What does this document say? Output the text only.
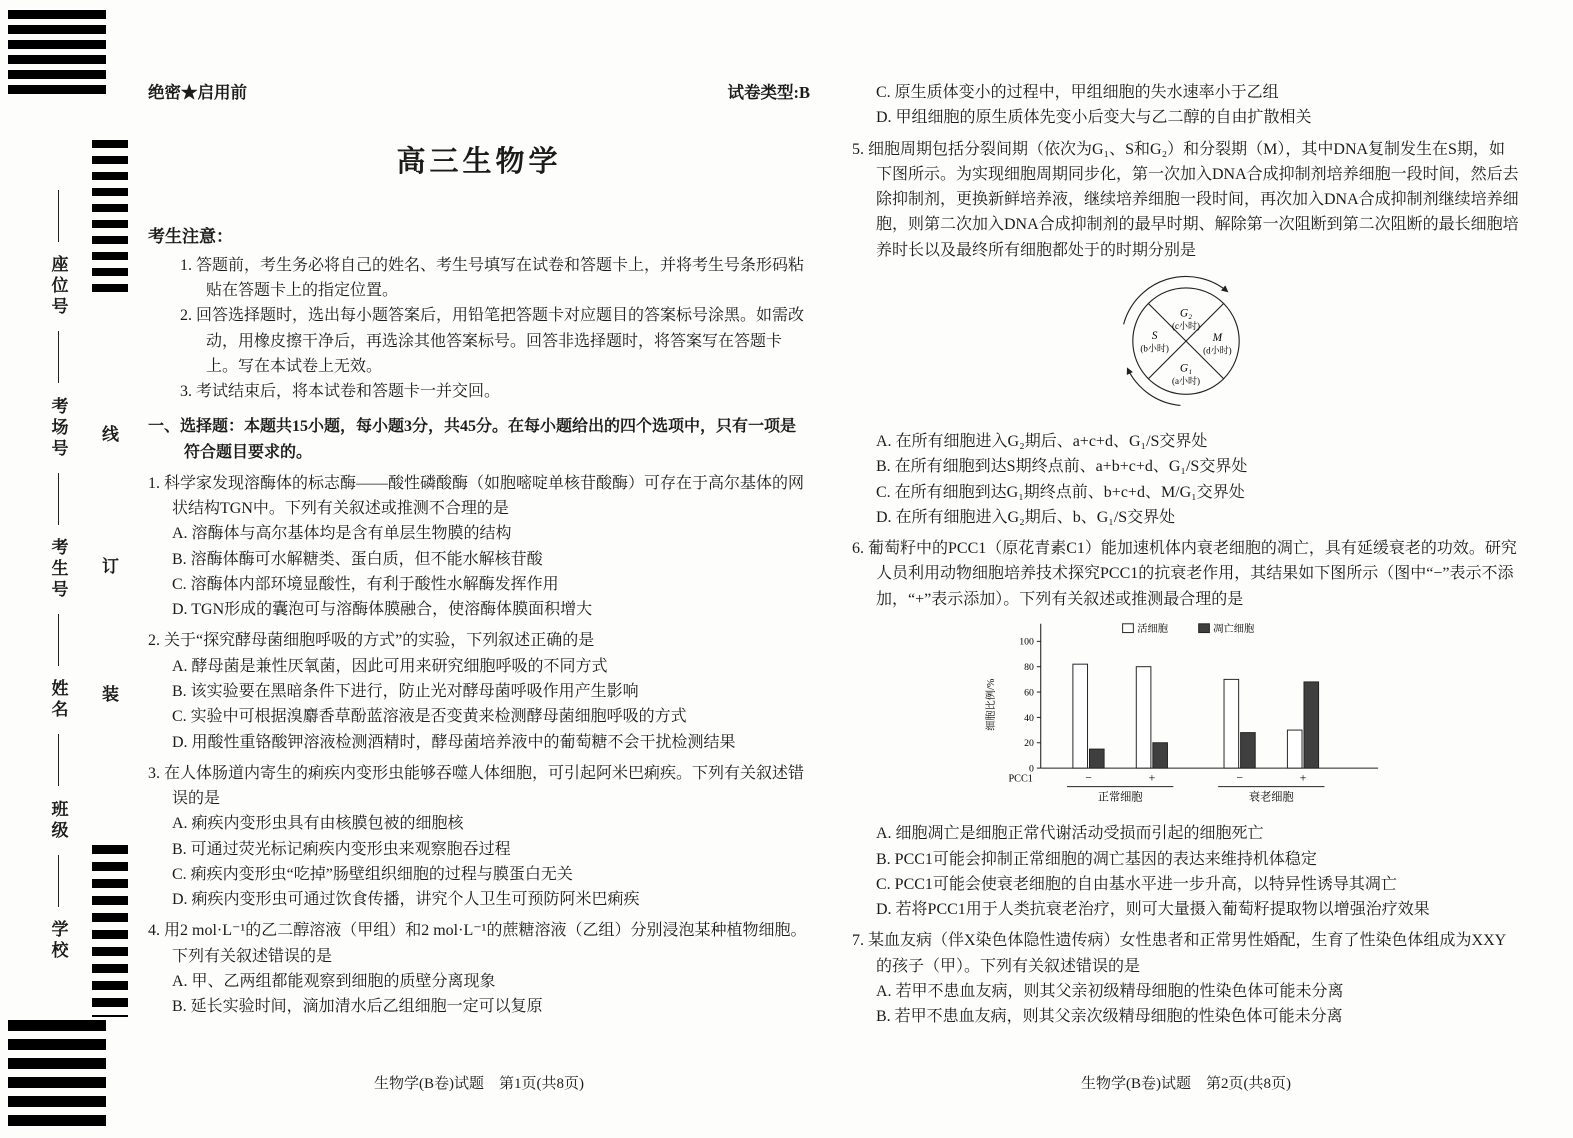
座位号
考场号
考生号
姓名
班级
学校
线
订
装
绝密★启用前	试卷类型:B
高三生物学
考生注意：
1. 答题前，考生务必将自己的姓名、考生号填写在试卷和答题卡上，并将考生号条形码粘贴在答题卡上的指定位置。
2. 回答选择题时，选出每小题答案后，用铅笔把答题卡对应题目的答案标号涂黑。如需改动，用橡皮擦干净后，再选涂其他答案标号。回答非选择题时，将答案写在答题卡上。写在本试卷上无效。
3. 考试结束后，将本试卷和答题卡一并交回。
一、选择题：本题共15小题，每小题3分，共45分。在每小题给出的四个选项中，只有一项是符合题目要求的。
1. 科学家发现溶酶体的标志酶——酸性磷酸酶（如胞嘧啶单核苷酸酶）可存在于高尔基体的网状结构TGN中。下列有关叙述或推测不合理的是
A. 溶酶体与高尔基体均是含有单层生物膜的结构
B. 溶酶体酶可水解糖类、蛋白质，但不能水解核苷酸
C. 溶酶体内部环境显酸性，有利于酸性水解酶发挥作用
D. TGN形成的囊泡可与溶酶体膜融合，使溶酶体膜面积增大
2. 关于“探究酵母菌细胞呼吸的方式”的实验，下列叙述正确的是
A. 酵母菌是兼性厌氧菌，因此可用来研究细胞呼吸的不同方式
B. 该实验要在黑暗条件下进行，防止光对酵母菌呼吸作用产生影响
C. 实验中可根据溴麝香草酚蓝溶液是否变黄来检测酵母菌细胞呼吸的方式
D. 用酸性重铬酸钾溶液检测酒精时，酵母菌培养液中的葡萄糖不会干扰检测结果
3. 在人体肠道内寄生的痢疾内变形虫能够吞噬人体细胞，可引起阿米巴痢疾。下列有关叙述错误的是
A. 痢疾内变形虫具有由核膜包被的细胞核
B. 可通过荧光标记痢疾内变形虫来观察胞吞过程
C. 痢疾内变形虫“吃掉”肠壁组织细胞的过程与膜蛋白无关
D. 痢疾内变形虫可通过饮食传播，讲究个人卫生可预防阿米巴痢疾
4. 用2 mol·L⁻¹的乙二醇溶液（甲组）和2 mol·L⁻¹的蔗糖溶液（乙组）分别浸泡某种植物细胞。下列有关叙述错误的是
A. 甲、乙两组都能观察到细胞的质壁分离现象
B. 延长实验时间，滴加清水后乙组细胞一定可以复原
C. 原生质体变小的过程中，甲组细胞的失水速率小于乙组
D. 甲组细胞的原生质体先变小后变大与乙二醇的自由扩散相关
5. 细胞周期包括分裂间期（依次为G₁、S和G₂）和分裂期（M），其中DNA复制发生在S期，如下图所示。为实现细胞周期同步化，第一次加入DNA合成抑制剂培养细胞一段时间，然后去除抑制剂，更换新鲜培养液，继续培养细胞一段时间，再次加入DNA合成抑制剂继续培养细胞，则第二次加入DNA合成抑制剂的最早时期、解除第一次阻断到第二次阻断的最长细胞培养时长以及最终所有细胞都处于的时期分别是
G₂
(c小时)
M
(d小时)
G₁
(a小时)
S
(b小时)
A. 在所有细胞进入G₂期后、a+c+d、G₁/S交界处
B. 在所有细胞到达S期终点前、a+b+c+d、G₁/S交界处
C. 在所有细胞到达G₁期终点前、b+c+d、M/G₁交界处
D. 在所有细胞进入G₂期后、b、G₁/S交界处
6. 葡萄籽中的PCC1（原花青素C1）能加速机体内衰老细胞的凋亡，具有延缓衰老的功效。研究人员利用动物细胞培养技术探究PCC1的抗衰老作用，其结果如下图所示（图中“−”表示不添加，“+”表示添加）。下列有关叙述或推测最合理的是
0
20
40
60
80
100
细胞比例/%
活细胞	凋亡细胞
−	+	−	+
PCC1
正常细胞	衰老细胞
A. 细胞凋亡是细胞正常代谢活动受损而引起的细胞死亡
B. PCC1可能会抑制正常细胞的凋亡基因的表达来维持机体稳定
C. PCC1可能会使衰老细胞的自由基水平进一步升高，以特异性诱导其凋亡
D. 若将PCC1用于人类抗衰老治疗，则可大量摄入葡萄籽提取物以增强治疗效果
7. 某血友病（伴X染色体隐性遗传病）女性患者和正常男性婚配，生育了性染色体组成为XXY的孩子（甲）。下列有关叙述错误的是
A. 若甲不患血友病，则其父亲初级精母细胞的性染色体可能未分离
B. 若甲不患血友病，则其父亲次级精母细胞的性染色体可能未分离
生物学(B卷)试题　第1页(共8页)	生物学(B卷)试题　第2页(共8页)
